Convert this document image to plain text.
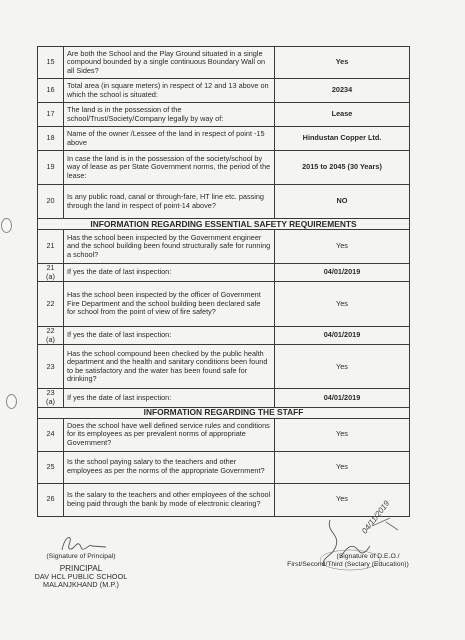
15	Are both the School and the Play Ground situated in a single compound bounded by a single continuous Boundary Wall on all Sides?	Yes
16	Total area (in square meters) in respect of 12 and 13 above on which the school is situated:	20234
17	The land is in the possession of the school/Trust/Society/Company legally by way of:	Lease
18	Name of the owner /Lessee of the land in respect of point -15 above	Hindustan Copper Ltd.
19	In case the land is in the possession of the society/school by way of lease as per State Government norms, the period of the lease:	2015 to 2045 (30 Years)
20	Is any public road, canal or through-fare, HT line etc. passing through the land in respect of point-14 above?	NO
INFORMATION REGARDING ESSENTIAL SAFETY REQUIREMENTS		
21	Has the school been inspected by the Government engineer and the school building been found structurally safe for running a school?	Yes
21 (a)	If yes the date of last inspection:	04/01/2019
22	Has the school been inspected by the officer of Government Fire Department and the school building been declared safe for school from the point of view of fire safety?	Yes
22 (a)	If yes the date of last inspection:	04/01/2019
23	Has the school compound been checked by the public health department and the health and sanitary conditions been found to be satisfactory and the water has been found safe for drinking?	Yes
23 (a)	If yes the date of last inspection:	04/01/2019
INFORMATION REGARDING THE STAFF		
24	Does the school have well defined service rules and conditions for its employees as per prevalent norms of appropriate Government?	Yes
25	Is the school paying salary to the teachers and other employees as per the norms of the appropriate Government?	Yes
26	Is the salary to the teachers and other employees of the school being paid through the bank by mode of electronic clearing?	Yes
(Signature of Principal)
PRINCIPAL
DAV HCL PUBLIC SCHOOL
MALANJKHAND (M.P.)
(Signature of D.E.O./
First/Second/Third (Sectary (Education))
04/11/2019
